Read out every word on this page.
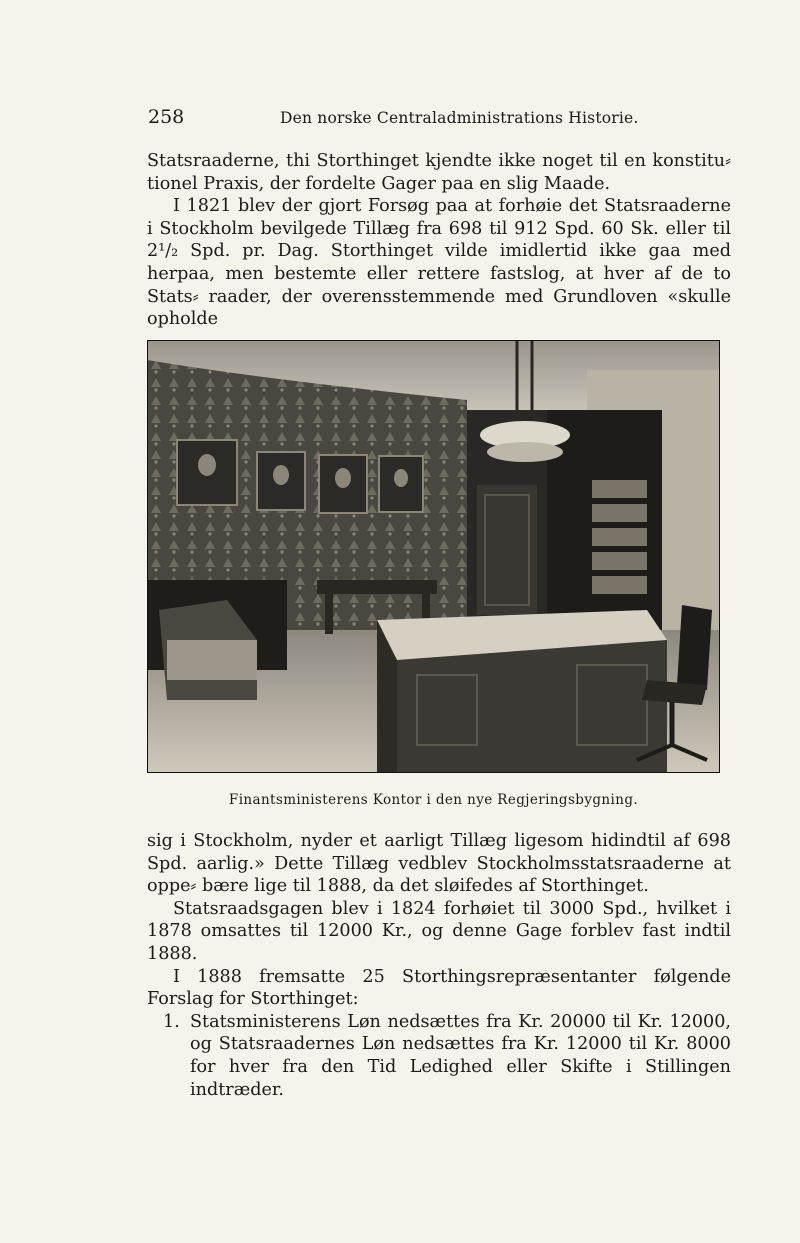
258	Den norske Centraladministrations Historie.

Statsraaderne, thi Storthinget kjendte ikke noget til en konstitu⸗ tionel Praxis, der fordelte Gager paa en slig Maade.

I 1821 blev der gjort Forsøg paa at forhøie det Statsraaderne i Stockholm bevilgede Tillæg fra 698 til 912 Spd. 60 Sk. eller til 2¹/₂ Spd. pr. Dag. Storthinget vilde imidlertid ikke gaa med herpaa, men bestemte eller rettere fastslog, at hver af de to Stats⸗ raader, der overensstemmende med Grundloven «skulle opholde

Finantsministerens Kontor i den nye Regjeringsbygning.

sig i Stockholm, nyder et aarligt Tillæg ligesom hidindtil af 698 Spd. aarlig.» Dette Tillæg vedblev Stockholmsstatsraaderne at oppe⸗ bære lige til 1888, da det sløifedes af Storthinget.

Statsraadsgagen blev i 1824 forhøiet til 3000 Spd., hvilket i 1878 omsattes til 12000 Kr., og denne Gage forblev fast indtil 1888.

I 1888 fremsatte 25 Storthingsrepræsentanter følgende Forslag for Storthinget:

1. Statsministerens Løn nedsættes fra Kr. 20000 til Kr. 12000, og Statsraadernes Løn nedsættes fra Kr. 12000 til Kr. 8000 for hver fra den Tid Ledighed eller Skifte i Stillingen indtræder.
